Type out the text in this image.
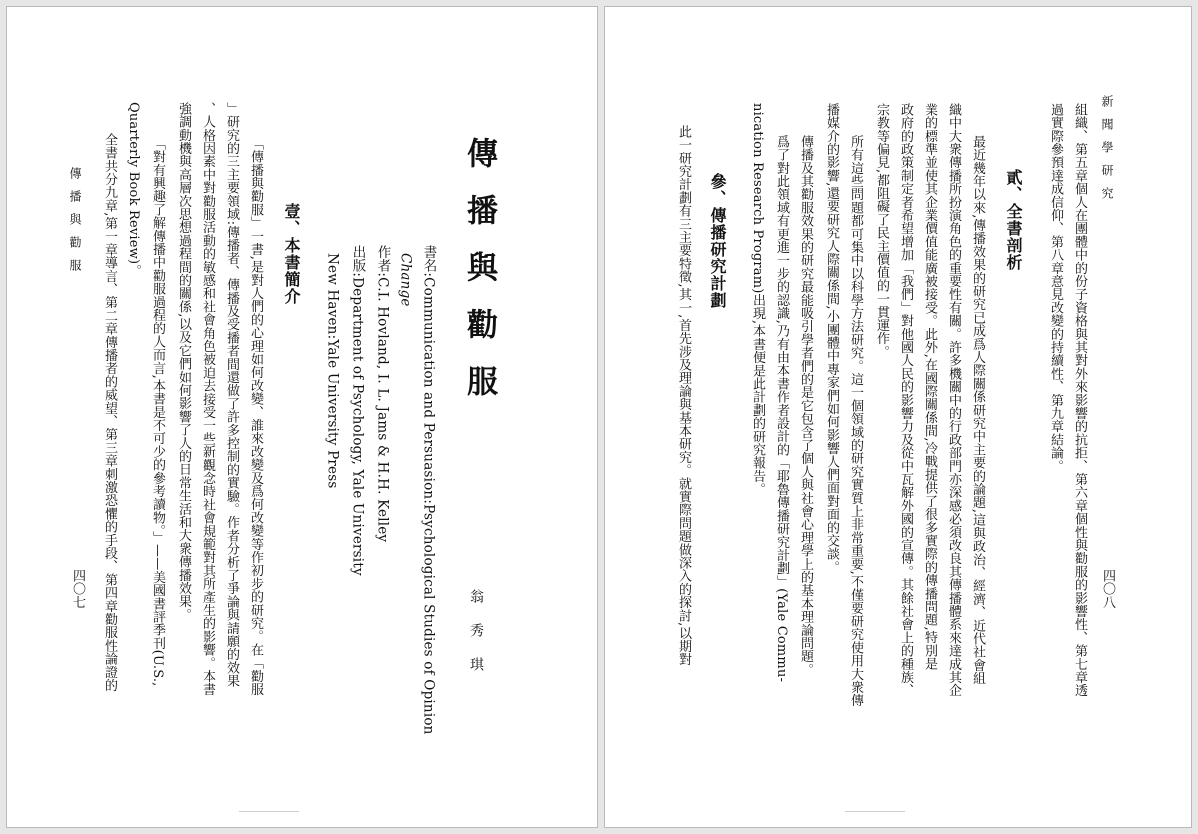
傳播與勸服
翁秀琪
書名:Communication and Persuasion:Psychological Studies of Opinion
Change
作者:C.I. Hovland, I. L. Jams & H.H. Kelley
出版:Department of Psychology, Yale University
New Haven:Yale University Press
壹、本書簡介
「傳播與勸服」一書,是對人們的心理如何改變、誰來改變及爲何改變等作初步的研究。在「勸服
」研究的三主要領域:傳播者、傳播及受播者間還做了許多控制的實驗。作者分析了爭論與請願的效果
、人格因素中對勸服活動的敏感和社會角色被迫去接受一些新觀念時社會規範對其所產生的影響。本書
強調動機與高層次思想過程間的關係,以及它們如何影響了人的日常生活和大衆傳播效果。
「對有興趣了解傳播中勸服過程的人而言,本書是不可少的參考讀物。」——美國書評季刊(U.S.,
Quarterly Book Review)。
全書共分九章,第一章導言、第二章傳播者的威望、第三章刺激恐懼的手段、第四章勸服性論證的
傳播與勸服
四〇七
新聞學研究
四〇八
組織、第五章個人在團體中的份子資格與其對外來影響的抗拒、第六章個性與勸服的影響性、第七章透
過實際參預達成信仰、第八章意見改變的持續性、第九章結論。
貳、全書剖析
最近幾年以來,傳播效果的研究已成爲人際關係研究中主要的論題,這與政治、經濟、近代社會組
織中大衆傳播所扮演角色的重要性有關。許多機關中的行政部門亦深感必須改良其傳播體系來達成其企
業的標準並使其企業價值能廣被接受。此外,在國際關係間,冷戰提供了很多實際的傳播問題,特別是
政府的政策制定者希望增加「我們」對他國人民的影響力及從中瓦解外國的宣傳。其餘社會上的種族、
宗教等偏見,都阻礙了民主價值的一貫運作。
所有這些問題都可集中以科學方法研究。這一個領域的研究實質上非常重要,不僅要研究使用大衆傳
播媒介的影響,還要研究人際關係間,小團體中專家們如何影響人們面對面的交談。
傳播及其勸服效果的研究最能吸引學者們的是它包含了個人與社會心理學上的基本理論問題。
爲了對此領域有更進一步的認識,乃有由本書作者設計的「耶魯傳播研究計劃」(Yale Commu-
nication Research Program)出現,本書便是此計劃的研究報告。
參、傳播研究計劃
此一研究計劃有三主要特徵,其一,首先涉及理論與基本研究。就實際問題做深入的探討,以期對
